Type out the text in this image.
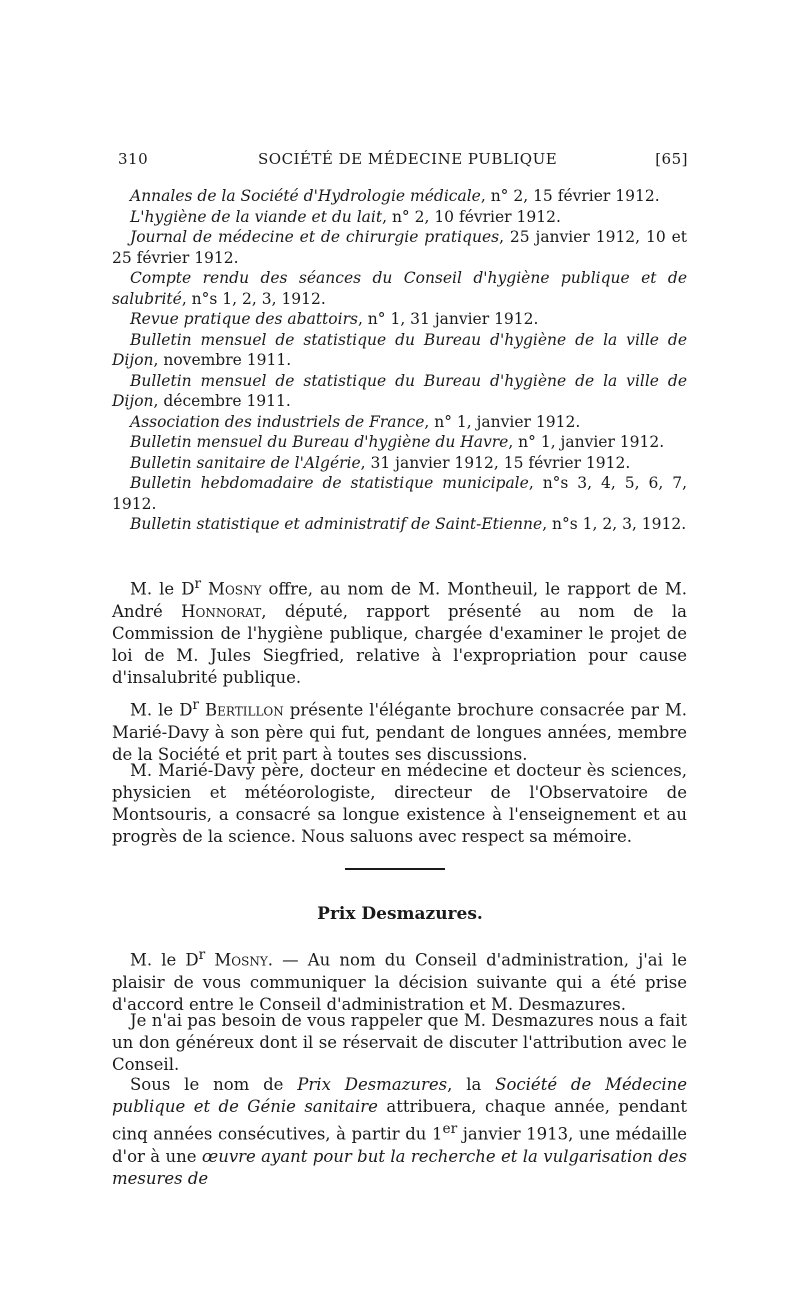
310	SOCIÉTÉ DE MÉDECINE PUBLIQUE	[65]

Annales de la Société d'Hydrologie médicale, n° 2, 15 février 1912.

L'hygiène de la viande et du lait, n° 2, 10 février 1912.

Journal de médecine et de chirurgie pratiques, 25 janvier 1912, 10 et 25 février 1912.

Compte rendu des séances du Conseil d'hygiène publique et de salubrité, n°s 1, 2, 3, 1912.

Revue pratique des abattoirs, n° 1, 31 janvier 1912.

Bulletin mensuel de statistique du Bureau d'hygiène de la ville de Dijon, novembre 1911.

Bulletin mensuel de statistique du Bureau d'hygiène de la ville de Dijon, décembre 1911.

Association des industriels de France, n° 1, janvier 1912.

Bulletin mensuel du Bureau d'hygiène du Havre, n° 1, janvier 1912.

Bulletin sanitaire de l'Algérie, 31 janvier 1912, 15 février 1912.

Bulletin hebdomadaire de statistique municipale, n°s 3, 4, 5, 6, 7, 1912.

Bulletin statistique et administratif de Saint-Etienne, n°s 1, 2, 3, 1912.

M. le $D^r$ Mosny offre, au nom de M. Montheuil, le rapport de M. André Honnorat, député, rapport présenté au nom de la Commission de l'hygiène publique, chargée d'examiner le projet de loi de M. Jules Siegfried, relative à l'expropriation pour cause d'insalubrité publique.

M. le $D^r$ Bertillon présente l'élégante brochure consacrée par M. Marié-Davy à son père qui fut, pendant de longues années, membre de la Société et prit part à toutes ses discussions.

M. Marié-Davy père, docteur en médecine et docteur ès sciences, physicien et météorologiste, directeur de l'Observatoire de Montsouris, a consacré sa longue existence à l'enseignement et au progrès de la science. Nous saluons avec respect sa mémoire.

Prix Desmazures.

M. le $D^r$ Mosny. — Au nom du Conseil d'administration, j'ai le plaisir de vous communiquer la décision suivante qui a été prise d'accord entre le Conseil d'administration et M. Desmazures.

Je n'ai pas besoin de vous rappeler que M. Desmazures nous a fait un don généreux dont il se réservait de discuter l'attribution avec le Conseil.

Sous le nom de Prix Desmazures, la Société de Médecine publique et de Génie sanitaire attribuera, chaque année, pendant cinq années consécutives, à partir du 1er janvier 1913, une médaille d'or à une œuvre ayant pour but la recherche et la vulgarisation des mesures de
